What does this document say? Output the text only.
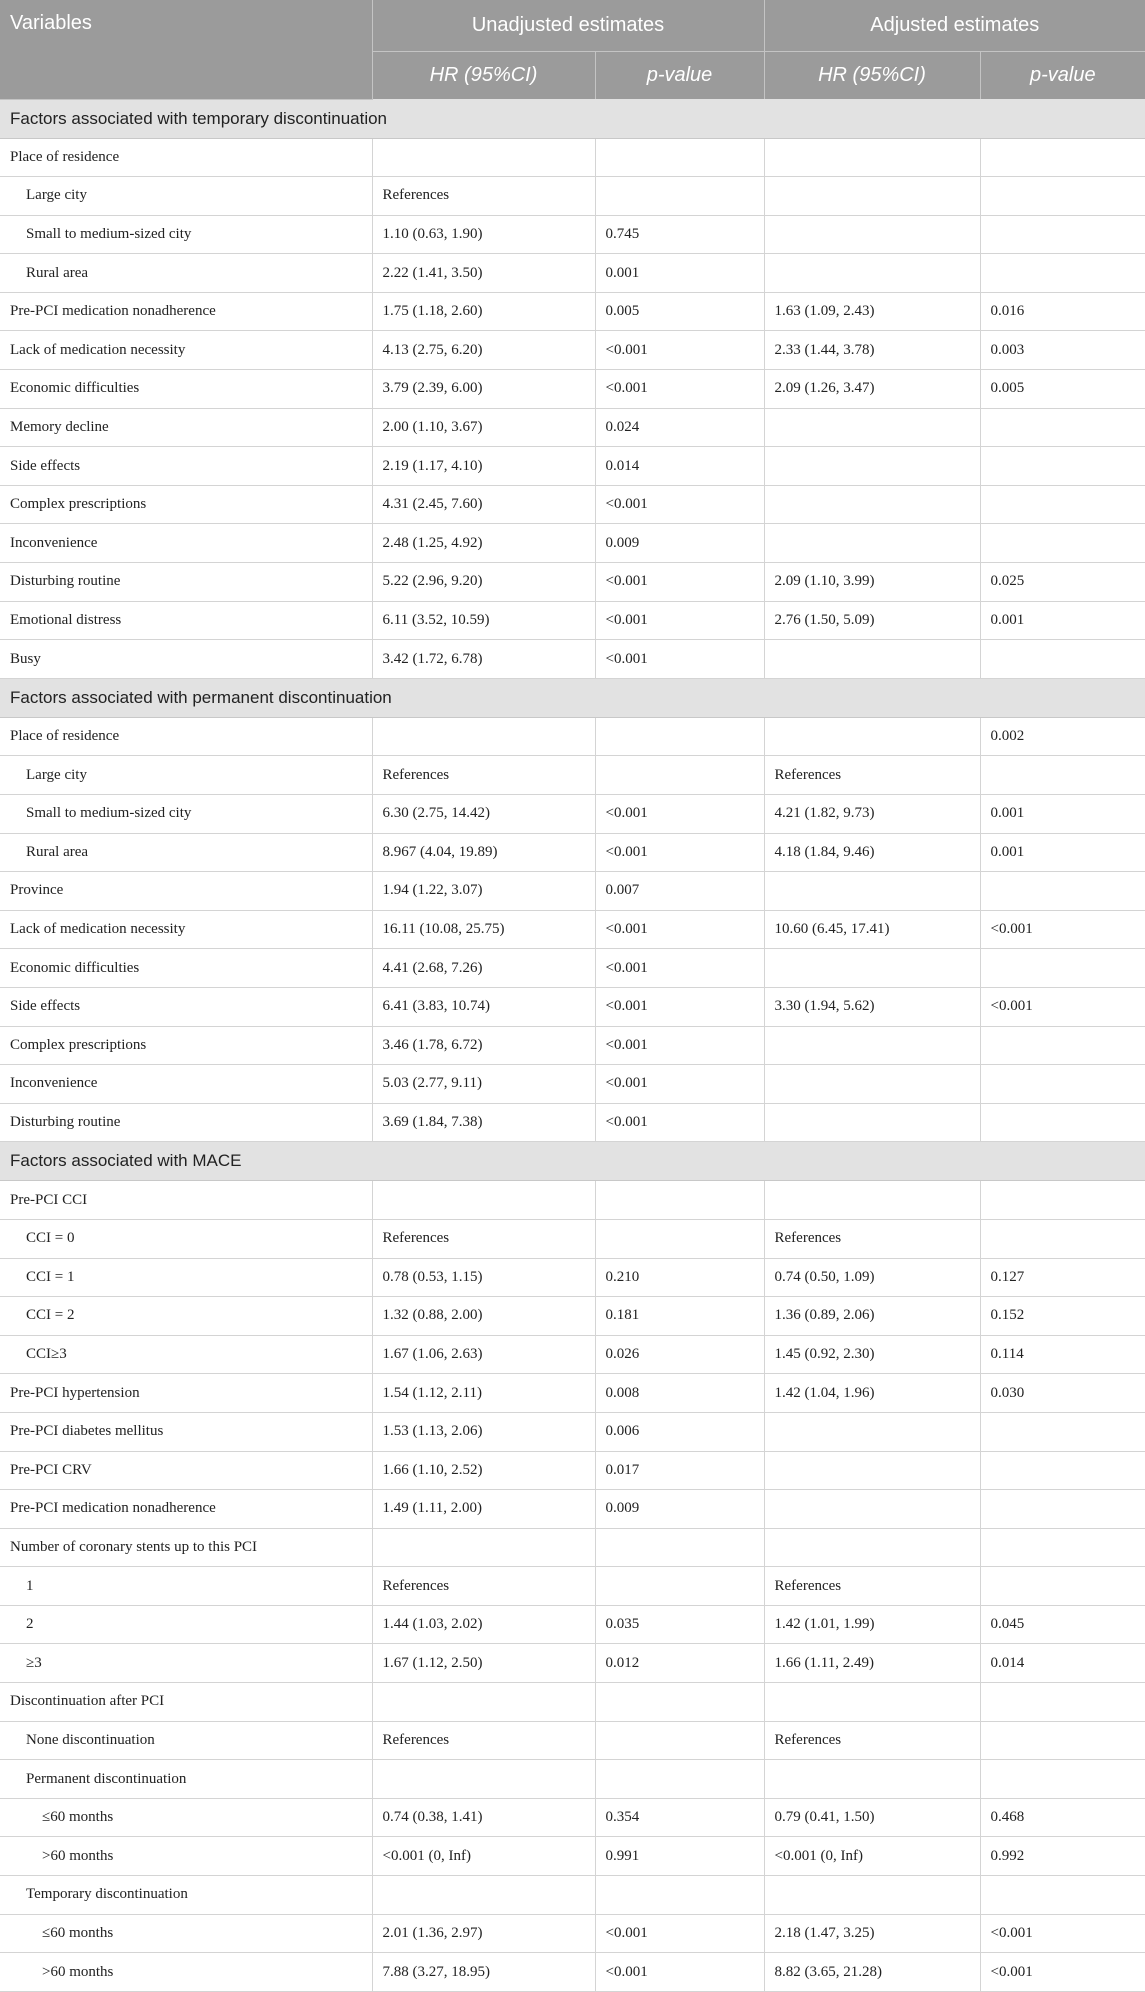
Variables	Unadjusted estimates		Adjusted estimates	
	HR (95%CI)	p-value	HR (95%CI)	p-value
Factors associated with temporary discontinuation				
Place of residence				
Large city	References			
Small to medium-sized city	1.10 (0.63, 1.90)	0.745		
Rural area	2.22 (1.41, 3.50)	0.001		
Pre-PCI medication nonadherence	1.75 (1.18, 2.60)	0.005	1.63 (1.09, 2.43)	0.016
Lack of medication necessity	4.13 (2.75, 6.20)	<0.001	2.33 (1.44, 3.78)	0.003
Economic difficulties	3.79 (2.39, 6.00)	<0.001	2.09 (1.26, 3.47)	0.005
Memory decline	2.00 (1.10, 3.67)	0.024		
Side effects	2.19 (1.17, 4.10)	0.014		
Complex prescriptions	4.31 (2.45, 7.60)	<0.001		
Inconvenience	2.48 (1.25, 4.92)	0.009		
Disturbing routine	5.22 (2.96, 9.20)	<0.001	2.09 (1.10, 3.99)	0.025
Emotional distress	6.11 (3.52, 10.59)	<0.001	2.76 (1.50, 5.09)	0.001
Busy	3.42 (1.72, 6.78)	<0.001		
Factors associated with permanent discontinuation				
Place of residence				0.002
Large city	References		References	
Small to medium-sized city	6.30 (2.75, 14.42)	<0.001	4.21 (1.82, 9.73)	0.001
Rural area	8.967 (4.04, 19.89)	<0.001	4.18 (1.84, 9.46)	0.001
Province	1.94 (1.22, 3.07)	0.007		
Lack of medication necessity	16.11 (10.08, 25.75)	<0.001	10.60 (6.45, 17.41)	<0.001
Economic difficulties	4.41 (2.68, 7.26)	<0.001		
Side effects	6.41 (3.83, 10.74)	<0.001	3.30 (1.94, 5.62)	<0.001
Complex prescriptions	3.46 (1.78, 6.72)	<0.001		
Inconvenience	5.03 (2.77, 9.11)	<0.001		
Disturbing routine	3.69 (1.84, 7.38)	<0.001		
Factors associated with MACE				
Pre-PCI CCI				
CCI = 0	References		References	
CCI = 1	0.78 (0.53, 1.15)	0.210	0.74 (0.50, 1.09)	0.127
CCI = 2	1.32 (0.88, 2.00)	0.181	1.36 (0.89, 2.06)	0.152
CCI≥3	1.67 (1.06, 2.63)	0.026	1.45 (0.92, 2.30)	0.114
Pre-PCI hypertension	1.54 (1.12, 2.11)	0.008	1.42 (1.04, 1.96)	0.030
Pre-PCI diabetes mellitus	1.53 (1.13, 2.06)	0.006		
Pre-PCI CRV	1.66 (1.10, 2.52)	0.017		
Pre-PCI medication nonadherence	1.49 (1.11, 2.00)	0.009		
Number of coronary stents up to this PCI				
1	References		References	
2	1.44 (1.03, 2.02)	0.035	1.42 (1.01, 1.99)	0.045
≥3	1.67 (1.12, 2.50)	0.012	1.66 (1.11, 2.49)	0.014
Discontinuation after PCI				
None discontinuation	References		References	
Permanent discontinuation				
≤60 months	0.74 (0.38, 1.41)	0.354	0.79 (0.41, 1.50)	0.468
>60 months	<0.001 (0, Inf)	0.991	<0.001 (0, Inf)	0.992
Temporary discontinuation				
≤60 months	2.01 (1.36, 2.97)	<0.001	2.18 (1.47, 3.25)	<0.001
>60 months	7.88 (3.27, 18.95)	<0.001	8.82 (3.65, 21.28)	<0.001
